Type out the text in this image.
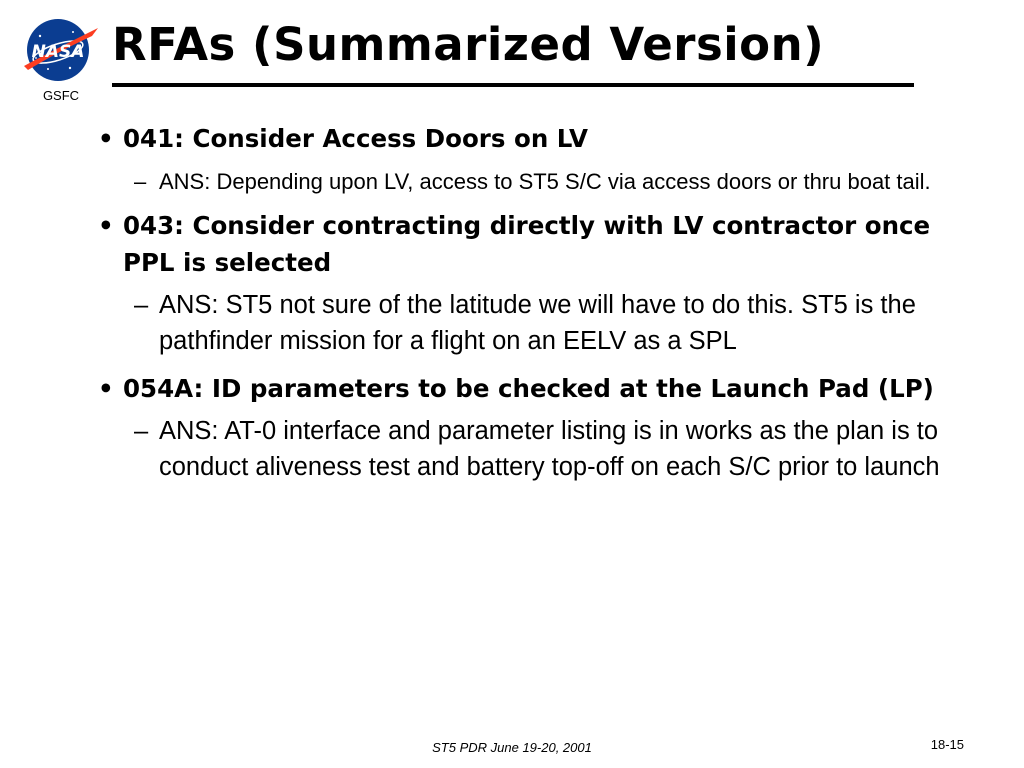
NASA
GSFC
RFAs (Summarized Version)
• 041: Consider Access Doors on LV
– ANS: Depending upon LV, access to ST5 S/C via access doors or thru boat tail.
• 043: Consider contracting directly with LV contractor once PPL is selected
– ANS: ST5 not sure of the latitude we will have to do this. ST5 is the pathfinder mission for a flight on an EELV as a SPL
• 054A: ID parameters to be checked at the Launch Pad (LP)
– ANS: AT-0 interface and parameter listing is in works as the plan is to conduct aliveness test and battery top-off on each S/C prior to launch
ST5 PDR June 19-20, 2001	18-15
